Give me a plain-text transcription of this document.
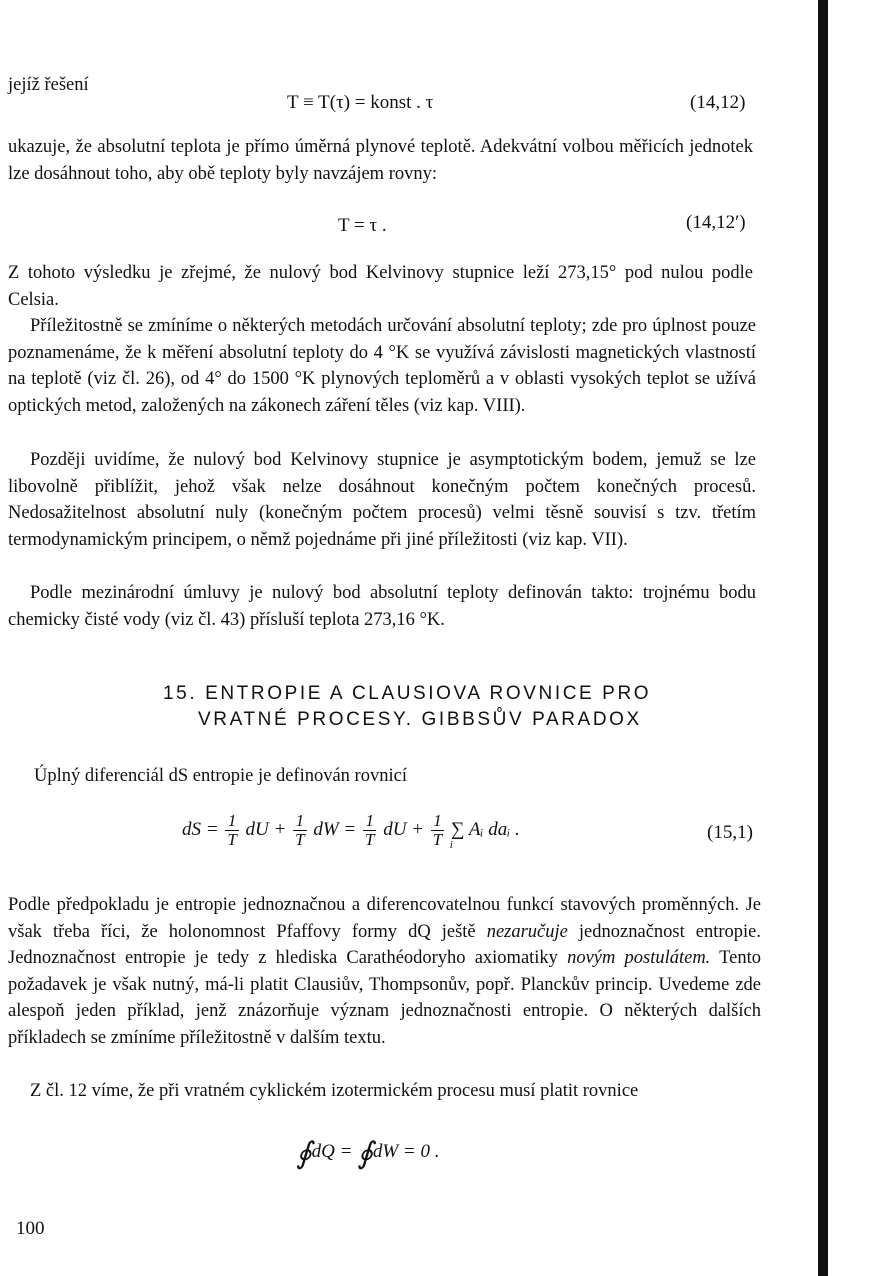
jejíž řešení
T ≡ T(τ) = konst . τ	(14,12)

ukazuje, že absolutní teplota je přímo úměrná plynové teplotě. Adekvátní volbou měřicích jednotek lze dosáhnout toho, aby obě teploty byly navzájem rovny:

T = τ .	(14,12′)

Z tohoto výsledku je zřejmé, že nulový bod Kelvinovy stupnice leží 273,15° pod nulou podle Celsia.

Příležitostně se zmíníme o některých metodách určování absolutní teploty; zde pro úplnost pouze poznamenáme, že k měření absolutní teploty do 4 °K se využívá závislosti magnetických vlastností na teplotě (viz čl. 26), od 4° do 1500 °K plynových teploměrů a v oblasti vysokých teplot se užívá optických metod, založených na zákonech záření těles (viz kap. VIII).

Později uvidíme, že nulový bod Kelvinovy stupnice je asymptotickým bodem, jemuž se lze libovolně přiblížit, jehož však nelze dosáhnout konečným počtem konečných procesů. Nedosažitelnost absolutní nuly (konečným počtem procesů) velmi těsně souvisí s tzv. třetím termodynamickým principem, o němž pojednáme při jiné příležitosti (viz kap. VII).

Podle mezinárodní úmluvy je nulový bod absolutní teploty definován takto: trojnému bodu chemicky čisté vody (viz čl. 43) přísluší teplota 273,16 °K.

15. ENTROPIE A CLAUSIOVA ROVNICE PRO
VRATNÉ PROCESY. GIBBSŮV PARADOX
Úplný diferenciál dS entropie je definován rovnicí
dS = $\frac{1}{T}$ dU + $\frac{1}{T}$ dW = $\frac{1}{T}$ dU + $\frac{1}{T}$ ∑ Aᵢ daᵢ $._i$
(15,1)

Podle předpokladu je entropie jednoznačnou a diferencovatelnou funkcí stavových proměnných. Je však třeba říci, že holonomnost Pfaffovy formy dQ ještě nezaručuje jednoznačnost entropie. Jednoznačnost entropie je tedy z hlediska Carathéodoryho axiomatiky novým postulátem. Tento požadavek je však nutný, má-li platit Clausiův, Thompsonův, popř. Planckův princip. Uvedeme zde alespoň jeden příklad, jenž znázorňuje význam jednoznačnosti entropie. O některých dalších příkladech se zmíníme příležitostně v dalším textu.

Z čl. 12 víme, že při vratném cyklickém izotermickém procesu musí platit rovnice

∮dQ = ∮dW = 0 .
100
